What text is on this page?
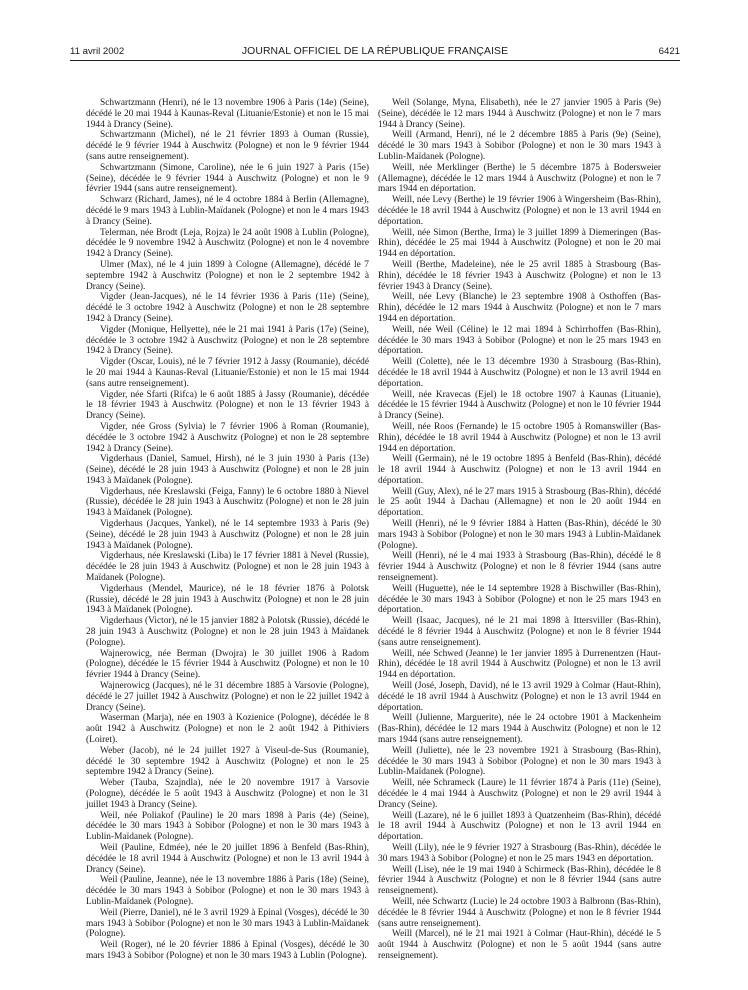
11 avril 2002	JOURNAL OFFICIEL DE LA RÉPUBLIQUE FRANÇAISE	6421

Schwartzmann (Henri), né le 13 novembre 1906 à Paris (14e) (Seine), décédé le 20 mai 1944 à Kaunas-Reval (Lituanie/Estonie) et non le 15 mai 1944 à Drancy (Seine).

Schwartzmann (Michel), né le 21 février 1893 à Ouman (Russie), décédé le 9 février 1944 à Auschwitz (Pologne) et non le 9 février 1944 (sans autre renseignement).

Schwartzmann (Simone, Caroline), née le 6 juin 1927 à Paris (15e) (Seine), décédée le 9 février 1944 à Auschwitz (Pologne) et non le 9 février 1944 (sans autre renseignement).

Schwarz (Richard, James), né le 4 octobre 1884 à Berlin (Allemagne), décédé le 9 mars 1943 à Lublin-Maïdanek (Pologne) et non le 4 mars 1943 à Drancy (Seine).

Telerman, née Brodt (Leja, Rojza) le 24 août 1908 à Lublin (Pologne), décédée le 9 novembre 1942 à Auschwitz (Pologne) et non le 4 novembre 1942 à Drancy (Seine).

Ulmer (Max), né le 4 juin 1899 à Cologne (Allemagne), décédé le 7 septembre 1942 à Auschwitz (Pologne) et non le 2 septembre 1942 à Drancy (Seine).

Vigder (Jean-Jacques), né le 14 février 1936 à Paris (11e) (Seine), décédé le 3 octobre 1942 à Auschwitz (Pologne) et non le 28 septembre 1942 à Drancy (Seine).

Vigder (Monique, Hellyette), née le 21 mai 1941 à Paris (17e) (Seine), décédée le 3 octobre 1942 à Auschwitz (Pologne) et non le 28 septembre 1942 à Drancy (Seine).

Vigder (Oscar, Louis), né le 7 février 1912 à Jassy (Roumanie), décédé le 20 mai 1944 à Kaunas-Reval (Lituanie/Estonie) et non le 15 mai 1944 (sans autre renseignement).

Vigder, née Sfarti (Rifca) le 6 août 1885 à Jassy (Roumanie), décédée le 18 février 1943 à Auschwitz (Pologne) et non le 13 février 1943 à Drancy (Seine).

Vigder, née Gross (Sylvia) le 7 février 1906 à Roman (Roumanie), décédée le 3 octobre 1942 à Auschwitz (Pologne) et non le 28 septembre 1942 à Drancy (Seine).

Vigderhaus (Daniel, Samuel, Hirsh), né le 3 juin 1930 à Paris (13e) (Seine), décédé le 28 juin 1943 à Auschwitz (Pologne) et non le 28 juin 1943 à Maïdanek (Pologne).

Vigderhaus, née Kreslawski (Feiga, Fanny) le 6 octobre 1880 à Nievel (Russie), décédée le 28 juin 1943 à Auschwitz (Pologne) et non le 28 juin 1943 à Maïdanek (Pologne).

Vigderhaus (Jacques, Yankel), né le 14 septembre 1933 à Paris (9e) (Seine), décédé le 28 juin 1943 à Auschwitz (Pologne) et non le 28 juin 1943 à Maïdanek (Pologne).

Vigderhaus, née Kreslawski (Liba) le 17 février 1881 à Nevel (Russie), décédée le 28 juin 1943 à Auschwitz (Pologne) et non le 28 juin 1943 à Maïdanek (Pologne).

Vigderhaus (Mendel, Maurice), né le 18 février 1876 à Polotsk (Russie), décédé le 28 juin 1943 à Auschwitz (Pologne) et non le 28 juin 1943 à Maïdanek (Pologne).

Vigderhaus (Victor), né le 15 janvier 1882 à Polotsk (Russie), décédé le 28 juin 1943 à Auschwitz (Pologne) et non le 28 juin 1943 à Maïdanek (Pologne).

Wajnerowicg, née Berman (Dwojra) le 30 juillet 1906 à Radom (Pologne), décédée le 15 février 1944 à Auschwitz (Pologne) et non le 10 février 1944 à Drancy (Seine).

Wajnerowicg (Jacques), né le 31 décembre 1885 à Varsovie (Pologne), décédé le 27 juillet 1942 à Auschwitz (Pologne) et non le 22 juillet 1942 à Drancy (Seine).

Waserman (Marja), née en 1903 à Kozienice (Pologne), décédée le 8 août 1942 à Auschwitz (Pologne) et non le 2 août 1942 à Pithiviers (Loiret).

Weber (Jacob), né le 24 juillet 1927 à Viseul-de-Sus (Roumanie), décédé le 30 septembre 1942 à Auschwitz (Pologne) et non le 25 septembre 1942 à Drancy (Seine).

Weber (Tauba, Szajndla), née le 20 novembre 1917 à Varsovie (Pologne), décédée le 5 août 1943 à Auschwitz (Pologne) et non le 31 juillet 1943 à Drancy (Seine).

Weil, née Poliakof (Pauline) le 20 mars 1898 à Paris (4e) (Seine), décédée le 30 mars 1943 à Sobibor (Pologne) et non le 30 mars 1943 à Lublin-Maïdanek (Pologne).

Weil (Pauline, Edmée), née le 20 juillet 1896 à Benfeld (Bas-Rhin), décédée le 18 avril 1944 à Auschwitz (Pologne) et non le 13 avril 1944 à Drancy (Seine).

Weil (Pauline, Jeanne), née le 13 novembre 1886 à Paris (18e) (Seine), décédée le 30 mars 1943 à Sobibor (Pologne) et non le 30 mars 1943 à Lublin-Maïdanek (Pologne).

Weil (Pierre, Daniel), né le 3 avril 1929 à Epinal (Vosges), décédé le 30 mars 1943 à Sobibor (Pologne) et non le 30 mars 1943 à Lublin-Maïdanek (Pologne).

Weil (Roger), né le 20 février 1886 à Epinal (Vosges), décédé le 30 mars 1943 à Sobibor (Pologne) et non le 30 mars 1943 à Lublin (Pologne).

Weil (Solange, Myna, Elisabeth), née le 27 janvier 1905 à Paris (9e) (Seine), décédée le 12 mars 1944 à Auschwitz (Pologne) et non le 7 mars 1944 à Drancy (Seine).

Weill (Armand, Henri), né le 2 décembre 1885 à Paris (9e) (Seine), décédé le 30 mars 1943 à Sobibor (Pologne) et non le 30 mars 1943 à Lublin-Maïdanek (Pologne).

Weill, née Merklinger (Berthe) le 5 décembre 1875 à Bodersweier (Allemagne), décédée le 12 mars 1944 à Auschwitz (Pologne) et non le 7 mars 1944 en déportation.

Weill, née Levy (Berthe) le 19 février 1906 à Wingersheim (Bas-Rhin), décédée le 18 avril 1944 à Auschwitz (Pologne) et non le 13 avril 1944 en déportation.

Weill, née Simon (Berthe, Irma) le 3 juillet 1899 à Diemeringen (Bas-Rhin), décédée le 25 mai 1944 à Auschwitz (Pologne) et non le 20 mai 1944 en déportation.

Weill (Berthe, Madeleine), née le 25 avril 1885 à Strasbourg (Bas-Rhin), décédée le 18 février 1943 à Auschwitz (Pologne) et non le 13 février 1943 à Drancy (Seine).

Weill, née Levy (Blanche) le 23 septembre 1908 à Osthoffen (Bas-Rhin), décédée le 12 mars 1944 à Auschwitz (Pologne) et non le 7 mars 1944 en déportation.

Weill, née Weil (Céline) le 12 mai 1894 à Schirrhoffen (Bas-Rhin), décédée le 30 mars 1943 à Sobibor (Pologne) et non le 25 mars 1943 en déportation.

Weill (Colette), née le 13 décembre 1930 à Strasbourg (Bas-Rhin), décédée le 18 avril 1944 à Auschwitz (Pologne) et non le 13 avril 1944 en déportation.

Weill, née Kravecas (Ejel) le 18 octobre 1907 à Kaunas (Lituanie), décédée le 15 février 1944 à Auschwitz (Pologne) et non le 10 février 1944 à Drancy (Seine).

Weill, née Roos (Fernande) le 15 octobre 1905 à Romanswiller (Bas-Rhin), décédée le 18 avril 1944 à Auschwitz (Pologne) et non le 13 avril 1944 en déportation.

Weill (Germain), né le 19 octobre 1895 à Benfeld (Bas-Rhin), décédé le 18 avril 1944 à Auschwitz (Pologne) et non le 13 avril 1944 en déportation.

Weill (Guy, Alex), né le 27 mars 1915 à Strasbourg (Bas-Rhin), décédé le 25 août 1944 à Dachau (Allemagne) et non le 20 août 1944 en déportation.

Weill (Henri), né le 9 février 1884 à Hatten (Bas-Rhin), décédé le 30 mars 1943 à Sobibor (Pologne) et non le 30 mars 1943 à Lublin-Maïdanek (Pologne).

Weill (Henri), né le 4 mai 1933 à Strasbourg (Bas-Rhin), décédé le 8 février 1944 à Auschwitz (Pologne) et non le 8 février 1944 (sans autre renseignement).

Weill (Huguette), née le 14 septembre 1928 à Bischwiller (Bas-Rhin), décédée le 30 mars 1943 à Sobibor (Pologne) et non le 25 mars 1943 en déportation.

Weill (Isaac, Jacques), né le 21 mai 1898 à Ittersviller (Bas-Rhin), décédé le 8 février 1944 à Auschwitz (Pologne) et non le 8 février 1944 (sans autre renseignement).

Weill, née Schwed (Jeanne) le 1er janvier 1895 à Durrenentzen (Haut-Rhin), décédée le 18 avril 1944 à Auschwitz (Pologne) et non le 13 avril 1944 en déportation.

Weill (José, Joseph, David), né le 13 avril 1929 à Colmar (Haut-Rhin), décédé le 18 avril 1944 à Auschwitz (Pologne) et non le 13 avril 1944 en déportation.

Weill (Julienne, Marguerite), née le 24 octobre 1901 à Mackenheim (Bas-Rhin), décédée le 12 mars 1944 à Auschwitz (Pologne) et non le 12 mars 1944 (sans autre renseignement).

Weill (Juliette), née le 23 novembre 1921 à Strasbourg (Bas-Rhin), décédée le 30 mars 1943 à Sobibor (Pologne) et non le 30 mars 1943 à Lublin-Maïdanek (Pologne).

Weill, née Schrameck (Laure) le 11 février 1874 à Paris (11e) (Seine), décédée le 4 mai 1944 à Auschwitz (Pologne) et non le 29 avril 1944 à Drancy (Seine).

Weill (Lazare), né le 6 juillet 1893 à Quatzenheim (Bas-Rhin), décédé le 18 avril 1944 à Auschwitz (Pologne) et non le 13 avril 1944 en déportation.

Weill (Lily), née le 9 février 1927 à Strasbourg (Bas-Rhin), décédée le 30 mars 1943 à Sobibor (Pologne) et non le 25 mars 1943 en déportation.

Weill (Lise), née le 19 mai 1940 à Schirmeck (Bas-Rhin), décédée le 8 février 1944 à Auschwitz (Pologne) et non le 8 février 1944 (sans autre renseignement).

Weill, née Schwartz (Lucie) le 24 octobre 1903 à Balbronn (Bas-Rhin), décédée le 8 février 1944 à Auschwitz (Pologne) et non le 8 février 1944 (sans autre renseignement).

Weill (Marcel), né le 21 mai 1921 à Colmar (Haut-Rhin), décédé le 5 août 1944 à Auschwitz (Pologne) et non le 5 août 1944 (sans autre renseignement).
